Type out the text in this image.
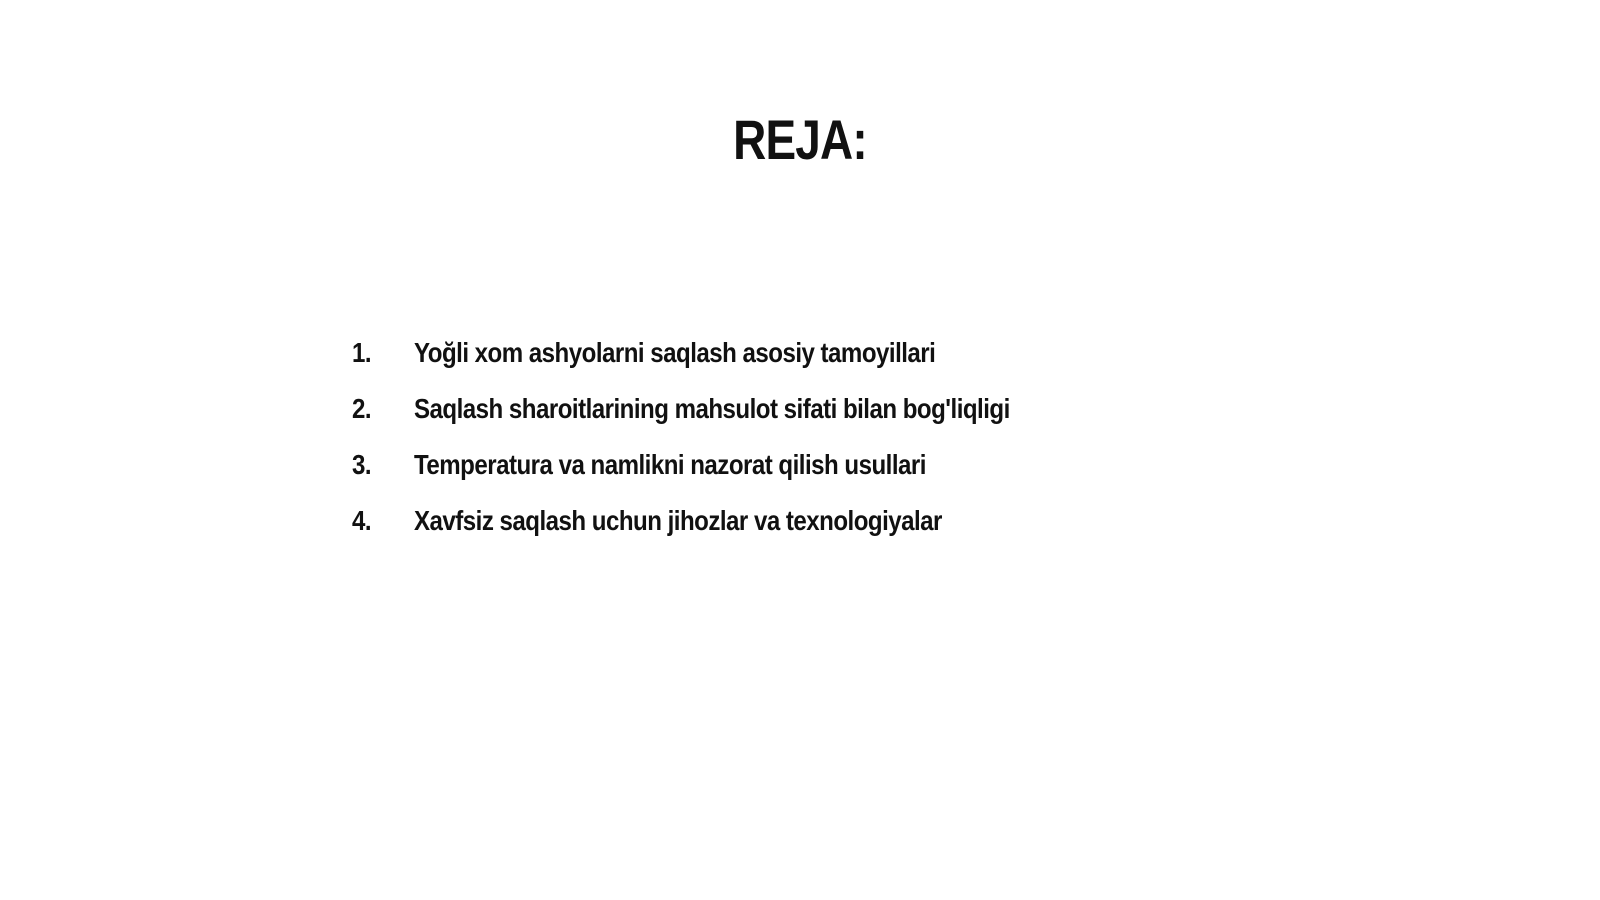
REJA:
1.	Yoğli xom ashyolarni saqlash asosiy tamoyillari
2.	Saqlash sharoitlarining mahsulot sifati bilan bog'liqligi
3.	Temperatura va namlikni nazorat qilish usullari
4.	Xavfsiz saqlash uchun jihozlar va texnologiyalar
